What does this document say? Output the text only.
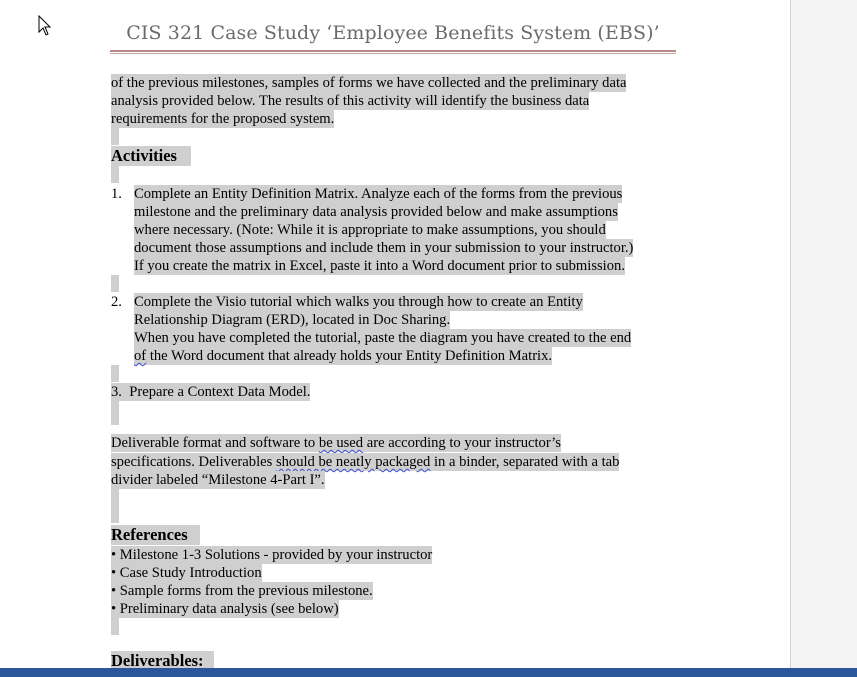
CIS 321 Case Study ‘Employee Benefits System (EBS)’
of the previous milestones, samples of forms we have collected and the preliminary data
analysis provided below. The results of this activity will identify the business data
requirements for the proposed system.
Activities
1. Complete an Entity Definition Matrix. Analyze each of the forms from the previous
milestone and the preliminary data analysis provided below and make assumptions
where necessary. (Note: While it is appropriate to make assumptions, you should
document those assumptions and include them in your submission to your instructor.)
If you create the matrix in Excel, paste it into a Word document prior to submission.
2. Complete the Visio tutorial which walks you through how to create an Entity
Relationship Diagram (ERD), located in Doc Sharing.
When you have completed the tutorial, paste the diagram you have created to the end
of the Word document that already holds your Entity Definition Matrix.
3. Prepare a Context Data Model.
Deliverable format and software to be used are according to your instructor’s
specifications. Deliverables should be neatly packaged in a binder, separated with a tab
divider labeled “Milestone 4-Part I”.
References
• Milestone 1-3 Solutions - provided by your instructor
• Case Study Introduction
• Sample forms from the previous milestone.
• Preliminary data analysis (see below)
Deliverables:
